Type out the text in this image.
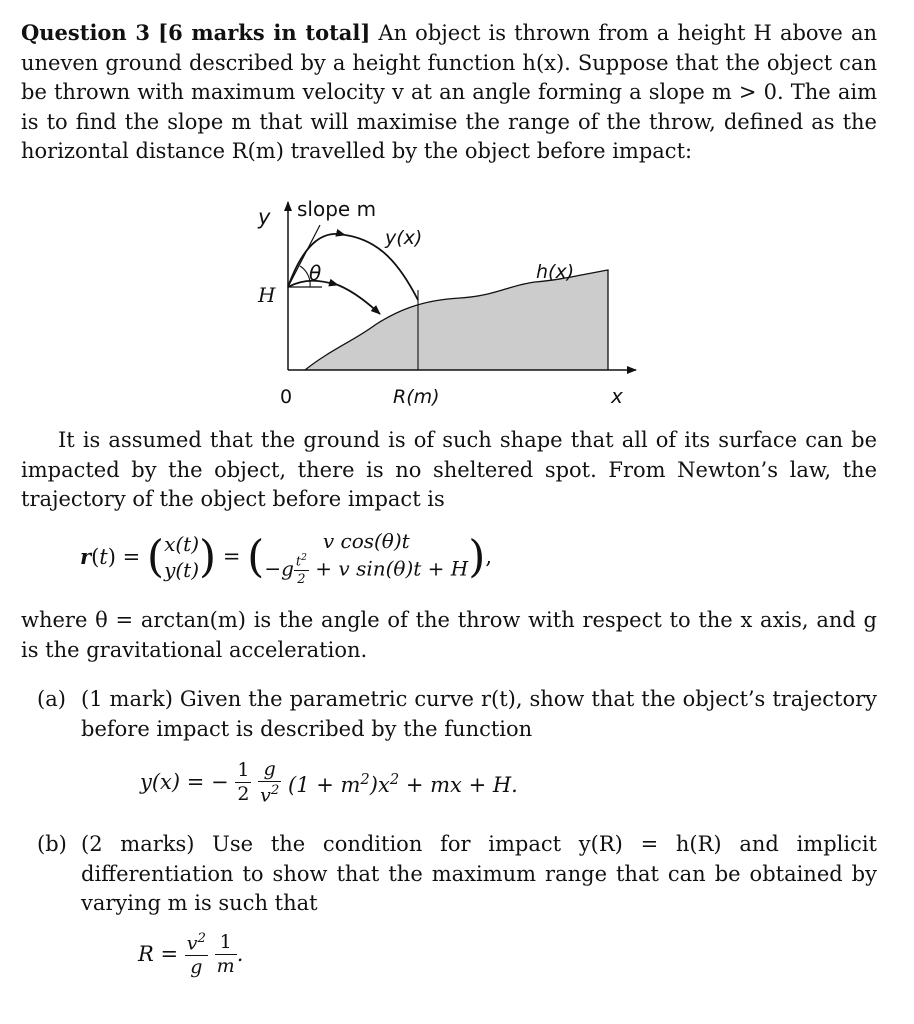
Question 3 [6 marks in total] An object is thrown from a height H above an uneven ground described by a height function h(x). Suppose that the object can be thrown with maximum velocity v at an angle forming a slope m > 0. The aim is to find the slope m that will maximise the range of the throw, defined as the horizontal distance R(m) travelled by the object before impact:
y slope m
y(x)
h(x)
θ
H
0	R(m)	x
It is assumed that the ground is of such shape that all of its surface can be impacted by the object, there is no sheltered spot. From Newton’s law, the trajectory of the object before impact is
r(t) = ( x(t)
y(t) ) = (	v cos(θ)t
$-g \frac{t^2}{2} + v$ sin(θ)t + H ),
where θ = arctan(m) is the angle of the throw with respect to the x axis, and g is the gravitational acceleration.
(a) (1 mark) Given the parametric curve r(t), show that the object’s trajectory before impact is described by the function
y(x) = − $\frac{1}{2}$
$\frac{g}{v^2} (1 + m^2)x^2$ + mx + H.
(b) (2 marks) Use the condition for impact y(R) = h(R) and implicit differentiation to show that the maximum range that can be obtained by varying m is such that
$R = \frac{v^2}{g}$
$\frac{1}{m}$ .
